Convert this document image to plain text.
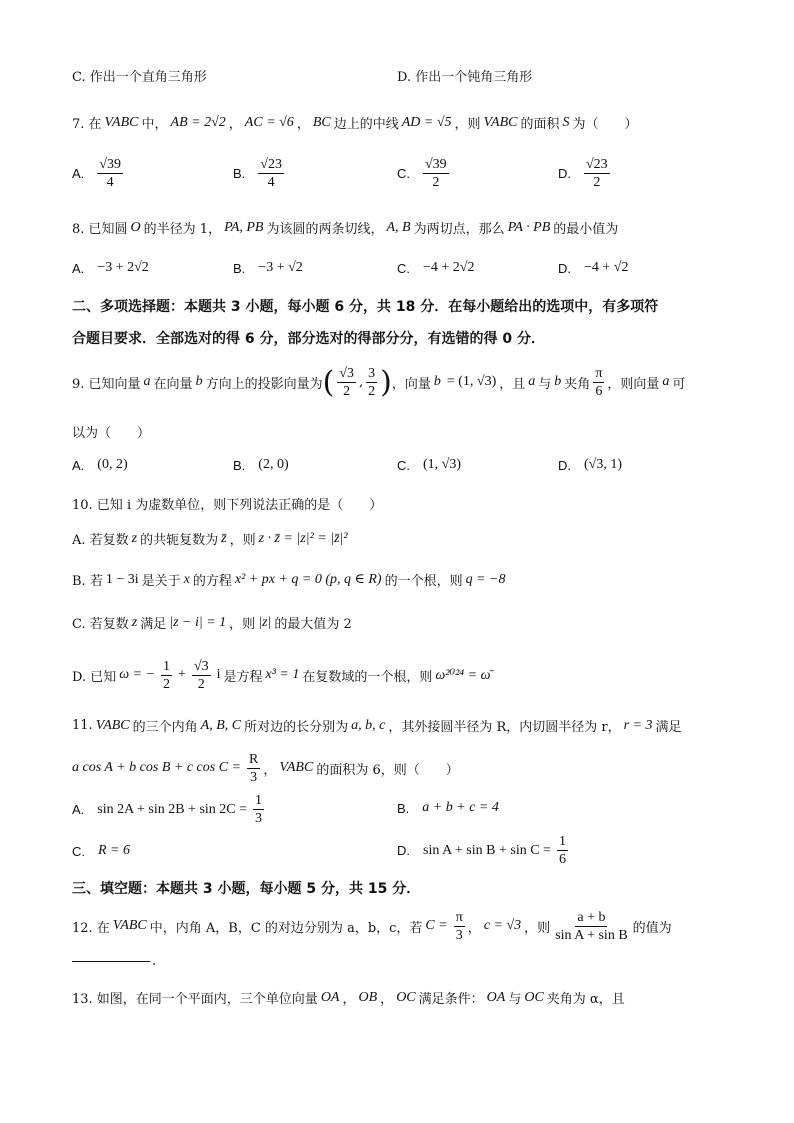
C. 作出一个直角三角形	D. 作出一个钝角三角形
7. 在 VABC 中， AB = 2√2 ， AC = √6 ， BC 边上的中线 AD = √5 ，则 VABC 的面积 S 为（　　）
A. $\frac{√39}{4}$	B. $\frac{√23}{4}$	C. $\frac{√39}{2}$	D. $\frac{√23}{2}$
8. 已知圆 O 的半径为 1， PA, PB 为该圆的两条切线， A, B 为两切点，那么 PA · PB 的最小值为
A. −3 + 2√2	B. −3 + √2	C. −4 + 2√2	D. −4 + √2
二、多项选择题：本题共 3 小题，每小题 6 分，共 18 分．在每小题给出的选项中，有多项符
合题目要求．全部选对的得 6 分，部分选对的得部分分，有选错的得 0 分．
9. 已知向量 a 在向量 b 方向上的投影向量为 ( $\frac{√3}{2}$ , $\frac{3}{2}$ ) ，向量 b = (1, √3) ，且 a 与 b 夹角 $\frac{\pi}{6}$ ，则向量 a 可
以为（　　）
A. (0, 2)	B. (2, 0)	C. (1, √3)	D. (√3, 1)
10. 已知 i 为虚数单位，则下列说法正确的是（　　）
A. 若复数 z 的共轭复数为 z̄ ，则 z · z̄ = |z|² = |z̄|²
B. 若 1 − 3i 是关于 x 的方程 x² + px + q = 0 (p, q ∈ R) 的一个根，则 q = −8
C. 若复数 z 满足 |z − i| = 1 ，则 |z| 的最大值为 2
D. 已知 ω = − $\frac{1}{2} + \frac{√3}{2}$ i 是方程 x³ = 1 在复数域的一个根，则 ω²⁰²⁴ = ω̄
11. VABC 的三个内角 A, B, C 所对边的长分别为 a, b, c ，其外接圆半径为 R，内切圆半径为 r， r = 3 满足
a cos A + b cos B + c $\cos C = \frac{R}{3}$ ， VABC 的面积为 6，则（　　）
A. $\sin 2A + \sin 2B + \sin 2C = \frac{1}{3}$	B. a + b + c = 4
C. R = 6	D. $\sin A + \sin B + \sin C = \frac{1}{6}$
三、填空题：本题共 3 小题，每小题 5 分，共 15 分．
12. 在 VABC 中，内角 A，B，C 的对边分别为 a，b，c，若 $C = \frac{\pi}{3}$ ， c = √3 ，则 $\frac{a + b}{\text{sin A + sin B}}$ 的值为
.
13. 如图，在同一个平面内，三个单位向量 OA ， OB ， OC 满足条件： OA 与 OC 夹角为 α，且
